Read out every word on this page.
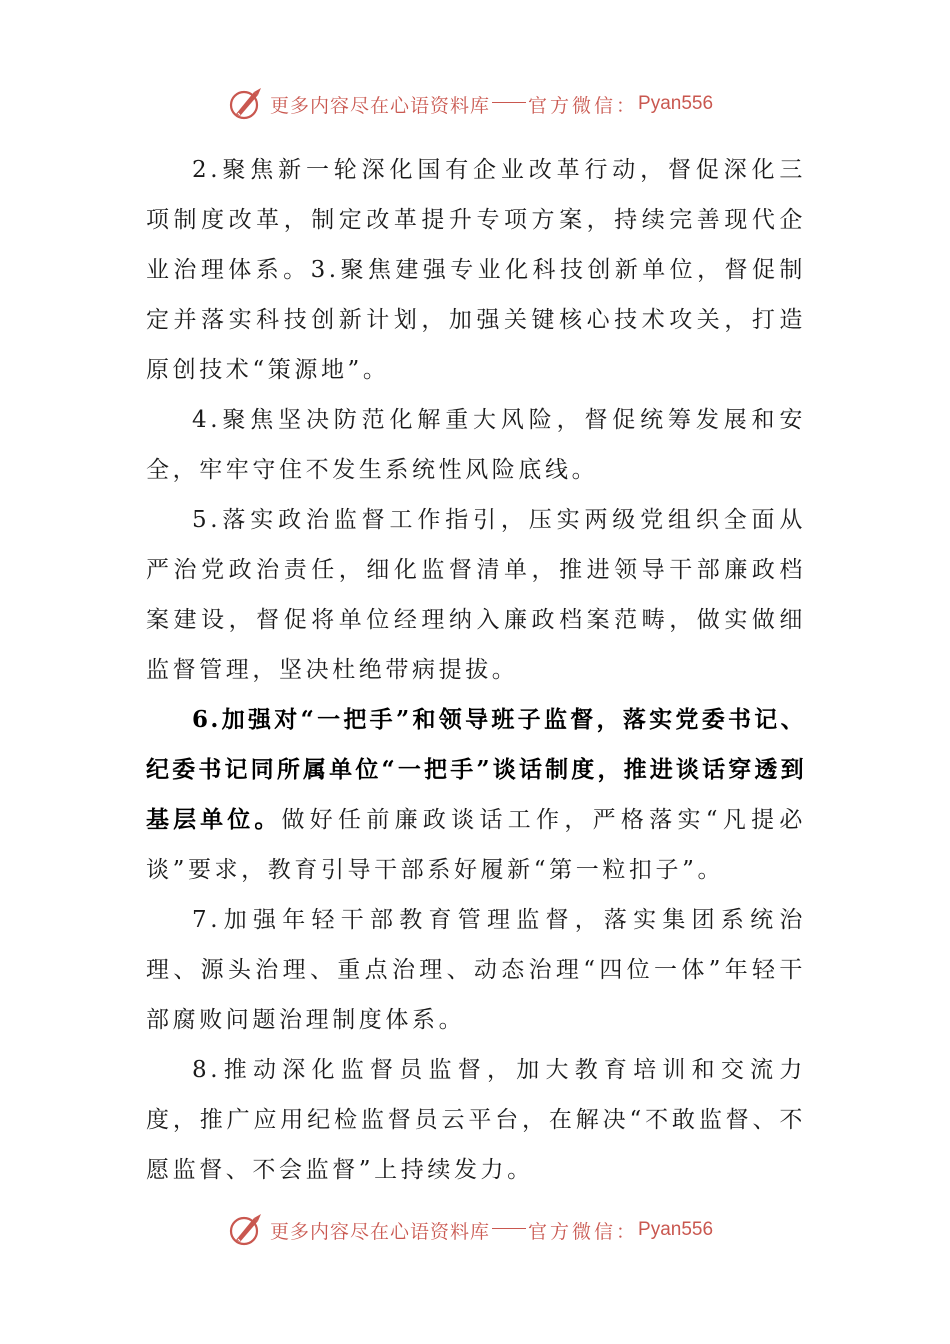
更多内容尽在心语资料库 官方微信： Pyan556

2.聚焦新一轮深化国有企业改革行动，督促深化三项制度改革，制定改革提升专项方案，持续完善现代企业治理体系。3.聚焦建强专业化科技创新单位，督促制定并落实科技创新计划，加强关键核心技术攻关，打造原创技术“策源地”。

4.聚焦坚决防范化解重大风险，督促统筹发展和安全，牢牢守住不发生系统性风险底线。

5.落实政治监督工作指引，压实两级党组织全面从严治党政治责任，细化监督清单，推进领导干部廉政档案建设，督促将单位经理纳入廉政档案范畴，做实做细监督管理，坚决杜绝带病提拔。

6.加强对“一把手”和领导班子监督，落实党委书记、纪委书记同所属单位“一把手”谈话制度，推进谈话穿透到基层单位。做好任前廉政谈话工作，严格落实“凡提必谈”要求，教育引导干部系好履新“第一粒扣子”。

7.加强年轻干部教育管理监督，落实集团系统治理、源头治理、重点治理、动态治理“四位一体”年轻干部腐败问题治理制度体系。

8.推动深化监督员监督，加大教育培训和交流力度，推广应用纪检监督员云平台，在解决“不敢监督、不愿监督、不会监督”上持续发力。

更多内容尽在心语资料库 官方微信： Pyan556
